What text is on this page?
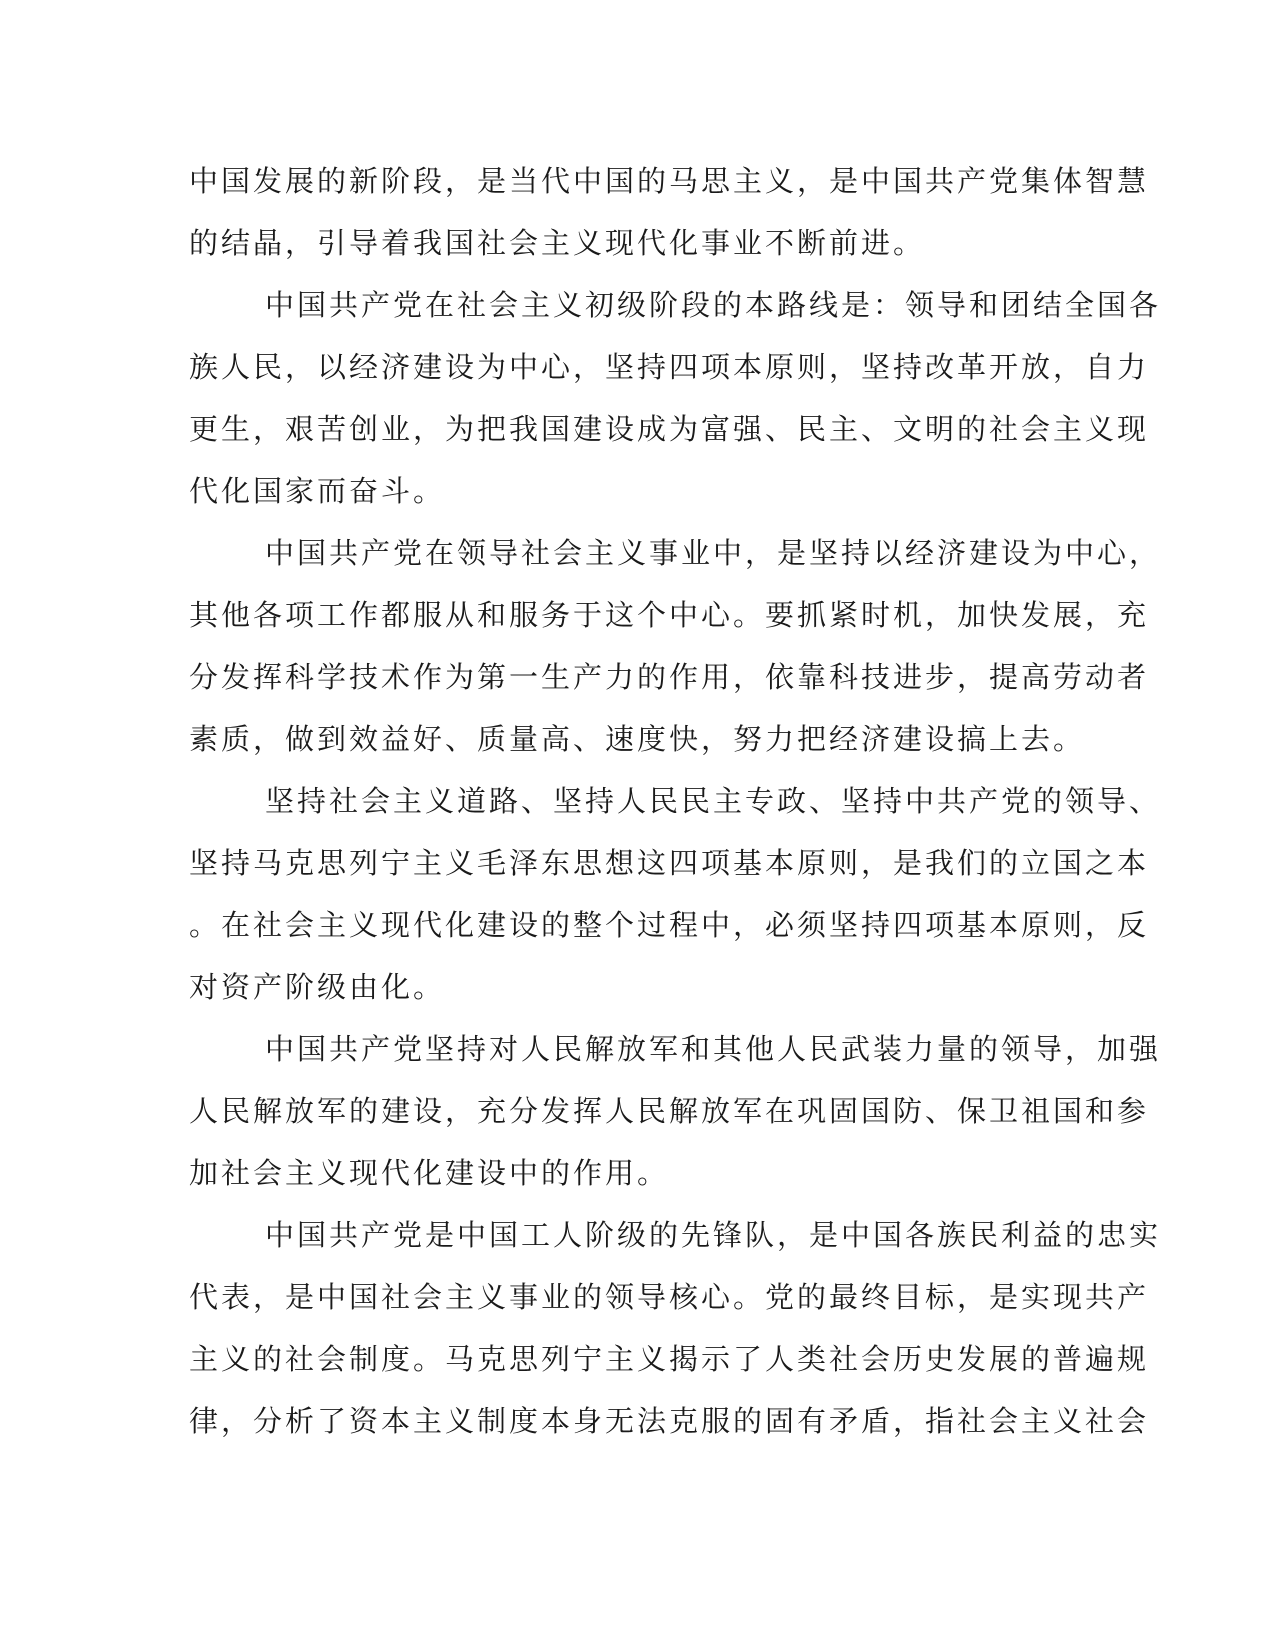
中国发展的新阶段，是当代中国的马思主义，是中国共产党集体智慧
的结晶，引导着我国社会主义现代化事业不断前进。
中国共产党在社会主义初级阶段的本路线是：领导和团结全国各
族人民，以经济建设为中心，坚持四项本原则，坚持改革开放，自力
更生，艰苦创业，为把我国建设成为富强、民主、文明的社会主义现
代化国家而奋斗。
中国共产党在领导社会主义事业中，是坚持以经济建设为中心，
其他各项工作都服从和服务于这个中心。要抓紧时机，加快发展，充
分发挥科学技术作为第一生产力的作用，依靠科技进步，提高劳动者
素质，做到效益好、质量高、速度快，努力把经济建设搞上去。
坚持社会主义道路、坚持人民民主专政、坚持中共产党的领导、
坚持马克思列宁主义毛泽东思想这四项基本原则，是我们的立国之本
。在社会主义现代化建设的整个过程中，必须坚持四项基本原则，反
对资产阶级由化。
中国共产党坚持对人民解放军和其他人民武装力量的领导，加强
人民解放军的建设，充分发挥人民解放军在巩固国防、保卫祖国和参
加社会主义现代化建设中的作用。
中国共产党是中国工人阶级的先锋队，是中国各族民利益的忠实
代表，是中国社会主义事业的领导核心。党的最终目标，是实现共产
主义的社会制度。马克思列宁主义揭示了人类社会历史发展的普遍规
律，分析了资本主义制度本身无法克服的固有矛盾，指社会主义社会
